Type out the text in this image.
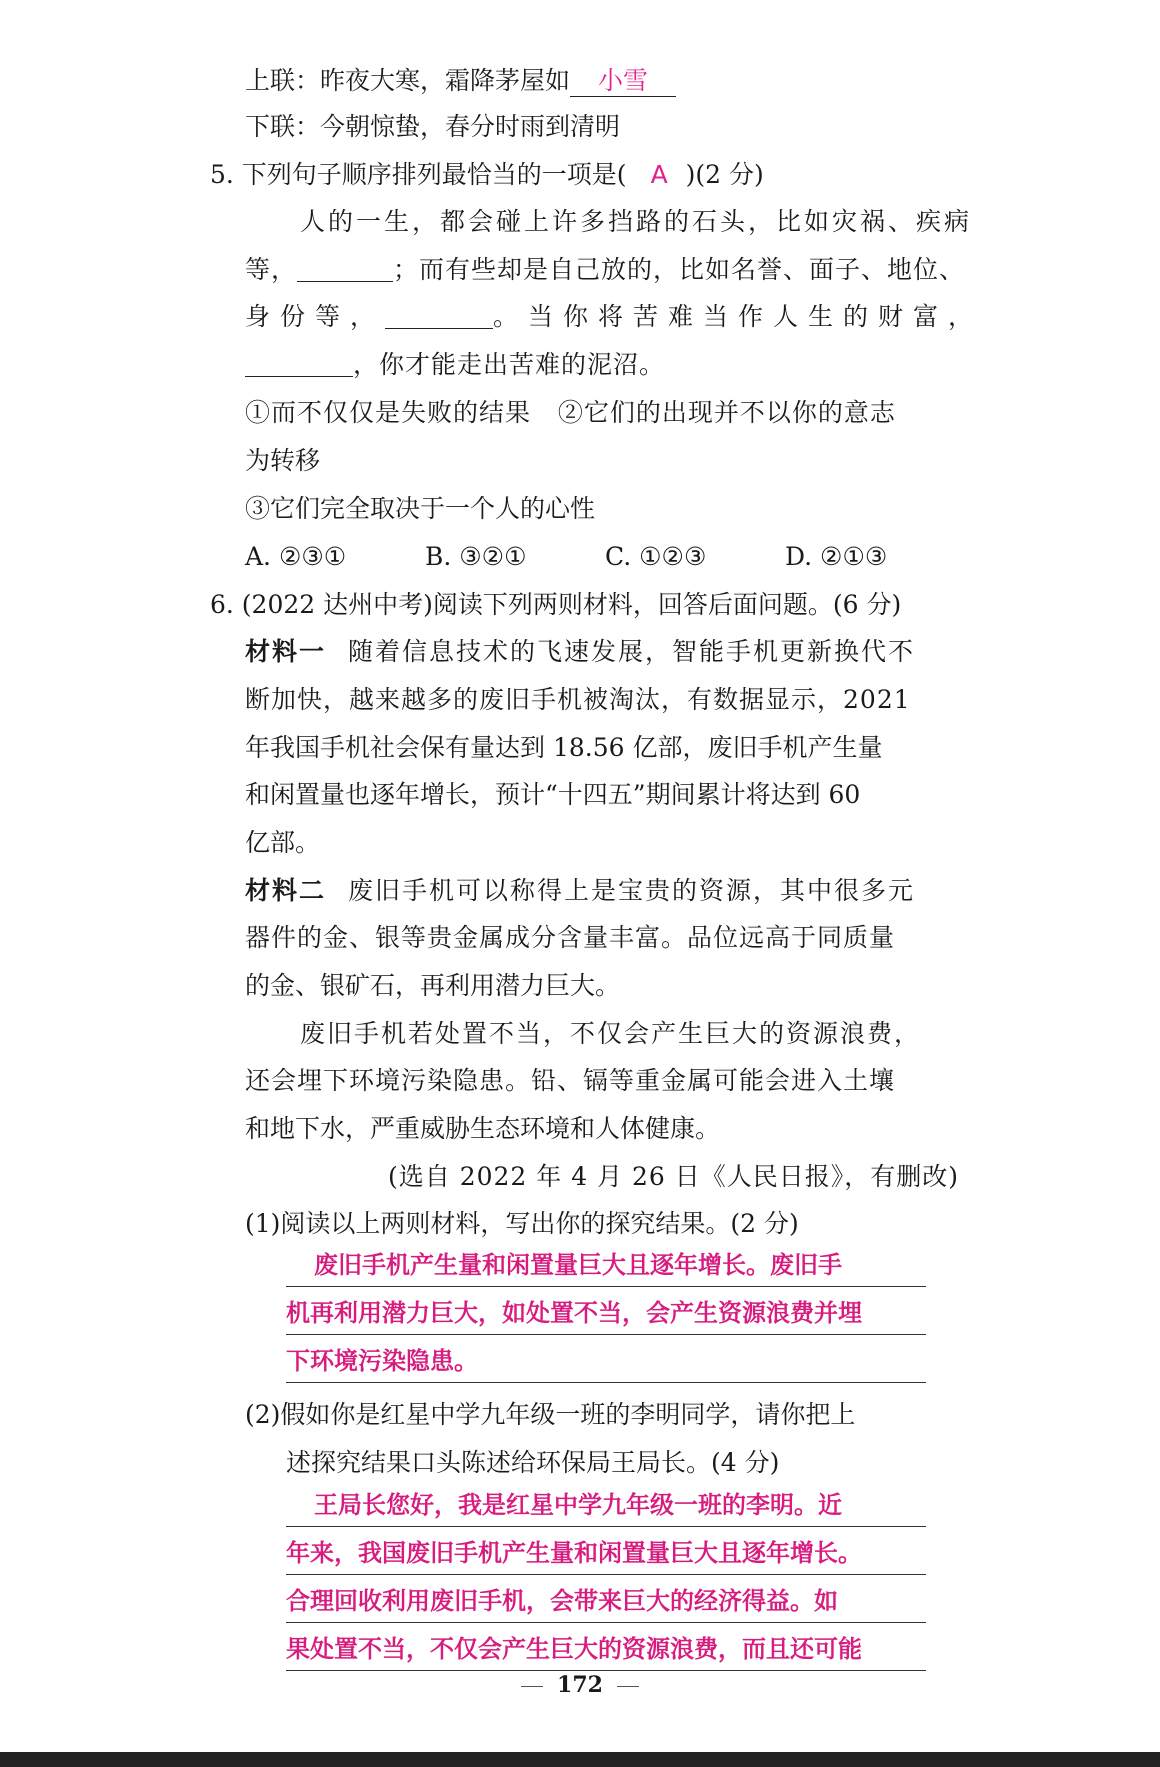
上联：昨夜大寒，霜降茅屋如 小雪
下联：今朝惊蛰，春分时雨到清明
5. 下列句子顺序排列最恰当的一项是( A )(2 分)
人的一生，都会碰上许多挡路的石头，比如灾祸、疾病
等，	；而有些却是自己放的，比如名誉、面子、地位、
身份等，	。当你将苦难当作人生的财富，
，你才能走出苦难的泥沼。
①而不仅仅是失败的结果   ②它们的出现并不以你的意志
为转移
③它们完全取决于一个人的心性
A. ②③①	B. ③②①	C. ①②③	D. ②①③
6. (2022 达州中考)阅读下列两则材料，回答后面问题。(6 分)
材料一 随着信息技术的飞速发展，智能手机更新换代不
断加快，越来越多的废旧手机被淘汰，有数据显示，2021
年我国手机社会保有量达到 18.56 亿部，废旧手机产生量
和闲置量也逐年增长，预计“十四五”期间累计将达到 60
亿部。
材料二 废旧手机可以称得上是宝贵的资源，其中很多元
器件的金、银等贵金属成分含量丰富。品位远高于同质量
的金、银矿石，再利用潜力巨大。
废旧手机若处置不当，不仅会产生巨大的资源浪费，
还会埋下环境污染隐患。铅、镉等重金属可能会进入土壤
和地下水，严重威胁生态环境和人体健康。
(选自 2022 年 4 月 26 日《人民日报》，有删改)
(1)阅读以上两则材料，写出你的探究结果。(2 分)
废旧手机产生量和闲置量巨大且逐年增长。废旧手
机再利用潜力巨大，如处置不当，会产生资源浪费并埋
下环境污染隐患。
(2)假如你是红星中学九年级一班的李明同学，请你把上
述探究结果口头陈述给环保局王局长。(4 分)
王局长您好，我是红星中学九年级一班的李明。近
年来，我国废旧手机产生量和闲置量巨大且逐年增长。
合理回收利用废旧手机，会带来巨大的经济得益。如
果处置不当，不仅会产生巨大的资源浪费，而且还可能
172
